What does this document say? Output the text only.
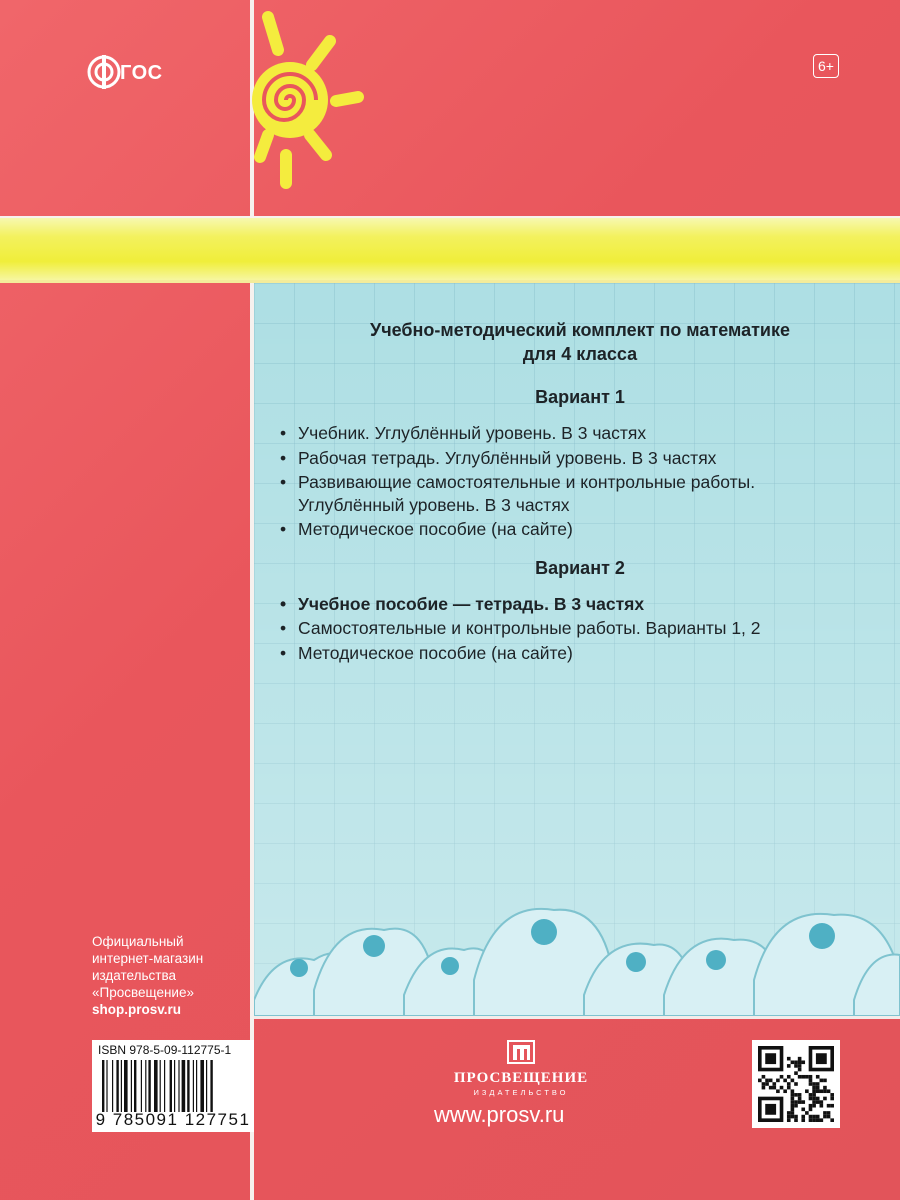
ГОС	6+
Учебно-методический комплект по математике
для 4 класса
Вариант 1
• Учебник. Углублённый уровень. В 3 частях
• Рабочая тетрадь. Углублённый уровень. В 3 частях
• Развивающие самостоятельные и контрольные работы.
Углублённый уровень. В 3 частях
• Методическое пособие (на сайте)
Вариант 2
• Учебное пособие — тетрадь. В 3 частях
• Самостоятельные и контрольные работы. Варианты 1, 2
• Методическое пособие (на сайте)
Официальный
интернет-магазин
издательства
«Просвещение»
shop.prosv.ru
ISBN 978-5-09-112775-1
9 785091 127751
ПРОСВЕЩЕНИЕ
ИЗДАТЕЛЬСТВО
www.prosv.ru
